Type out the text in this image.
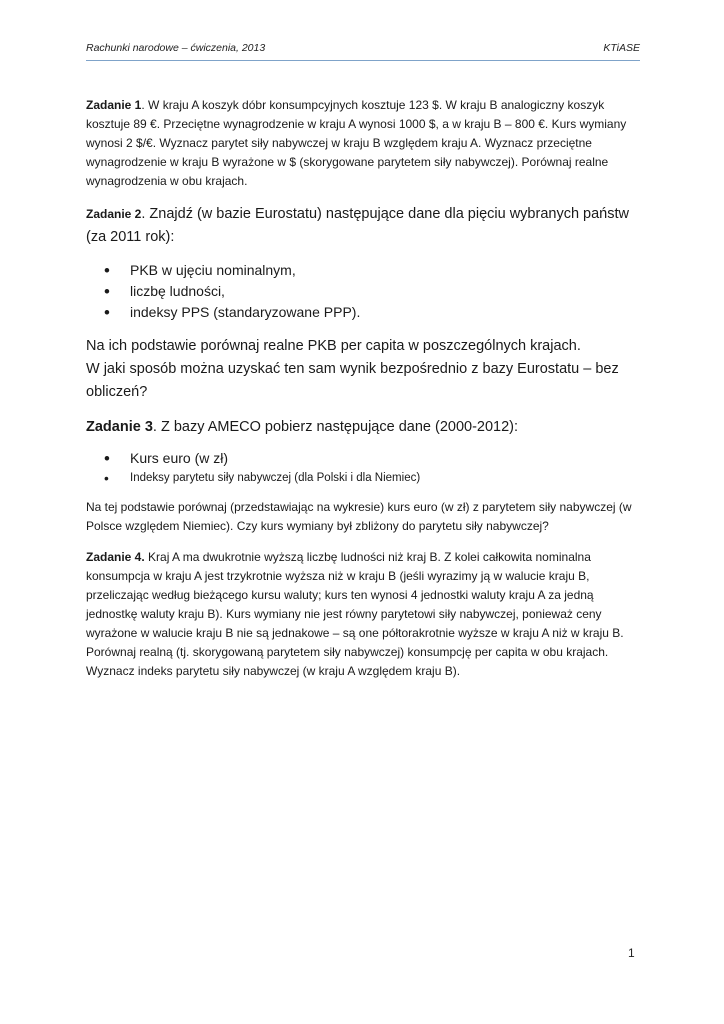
Rachunki narodowe – ćwiczenia, 2013	KTiASE

Zadanie 1. W kraju A koszyk dóbr konsumpcyjnych kosztuje 123 $. W kraju B analogiczny koszyk kosztuje 89 €. Przeciętne wynagrodzenie w kraju A wynosi 1000 $, a w kraju B – 800 €. Kurs wymiany wynosi 2 $/€. Wyznacz parytet siły nabywczej w kraju B względem kraju A. Wyznacz przeciętne wynagrodzenie w kraju B wyrażone w $ (skorygowane parytetem siły nabywczej). Porównaj realne wynagrodzenia w obu krajach.

Zadanie 2. Znajdź (w bazie Eurostatu) następujące dane dla pięciu wybranych państw (za 2011 rok):

• PKB w ujęciu nominalnym,
• liczbę ludności,
• indeksy PPS (standaryzowane PPP).

Na ich podstawie porównaj realne PKB per capita w poszczególnych krajach.

W jaki sposób można uzyskać ten sam wynik bezpośrednio z bazy Eurostatu – bez obliczeń?

Zadanie 3. Z bazy AMECO pobierz następujące dane (2000-2012):

• Kurs euro (w zł)
• Indeksy parytetu siły nabywczej (dla Polski i dla Niemiec)

Na tej podstawie porównaj (przedstawiając na wykresie) kurs euro (w zł) z parytetem siły nabywczej (w Polsce względem Niemiec). Czy kurs wymiany był zbliżony do parytetu siły nabywczej?

Zadanie 4. Kraj A ma dwukrotnie wyższą liczbę ludności niż kraj B. Z kolei całkowita nominalna konsumpcja w kraju A jest trzykrotnie wyższa niż w kraju B (jeśli wyrazimy ją w walucie kraju B, przeliczając według bieżącego kursu waluty; kurs ten wynosi 4 jednostki waluty kraju A za jedną jednostkę waluty kraju B). Kurs wymiany nie jest równy parytetowi siły nabywczej, ponieważ ceny wyrażone w walucie kraju B nie są jednakowe – są one półtorakrotnie wyższe w kraju A niż w kraju B. Porównaj realną (tj. skorygowaną parytetem siły nabywczej) konsumpcję per capita w obu krajach. Wyznacz indeks parytetu siły nabywczej (w kraju A względem kraju B).

1
